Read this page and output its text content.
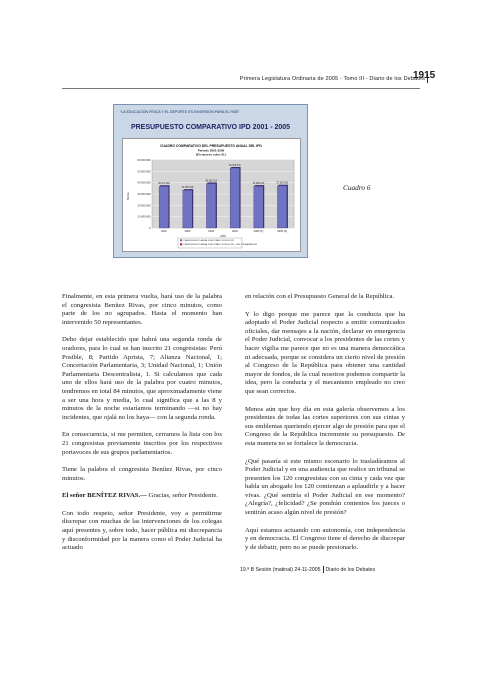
Primera Legislatura Ordinaria de 2005 - Tomo III - Diario de los Debates
1915
"LA EDUCACIÓN FÍSICA Y EL DEPORTE ES INVERSIÓN PARA EL PAÍS"
PRESUPUESTO COMPARATIVO IPD 2001 - 2005
CUADRO COMPARATIVO DEL PRESUPUESTO ANUAL DEL IPD
Periodo 2001-2005
(En nuevos soles S/.)
0
10 000 000
20 000 000
30 000 000
40 000 000
50 000 000
60 000 000
Monto
36 871 296
2001
33 387 918
2002
39 258 213
2003
52 946 379
2004
36 983 615
2005 (1)
37 303 633
2005 (2)
AÑO
PRESUPUESTO ANUAL EJECUTADO POR EL IPD
PRESUPUESTO ANUAL EJECUTADO POR EL IPD - SIN COPA AMERICA
Cuadro 6

Finalmente, en esta primera vuelta, hará uso de la palabra el congresista Benítez Rivas, por cinco minutos, como parte de los no agrupados. Hasta el momento han intervenido 50 representantes.

Debo dejar establecido que habrá una segunda ronda de oradores, para lo cual se han inscrito 21 congresistas: Perú Posible, 8; Partido Aprista, 7; Alianza Nacional, 1; Concertación Parlamentaria, 3; Unidad Nacional, 1; Unión Parlamentaria Descentralista, 1. Si calculamos que cada uno de ellos hará uso de la palabra por cuatro minutos, tendremos en total 84 minutos, que aproximadamente viene a ser una hora y media, lo cual significa que a las 8 y minutos de la noche estaríamos terminando —si no hay incidentes, que ojalá no los haya— con la segunda ronda.

En consecuencia, si me permiten, cerramos la lista con los 21 congresistas previamente inscritos por los respectivos portavoces de sus grupos parlamentarios.

Tiene la palabra el congresista Benítez Rivas, por cinco minutos.

El señor BENÍTEZ RIVAS.— Gracias, señor Presidente.

Con todo respeto, señor Presidente, voy a permitirme discrepar con muchas de las intervenciones de los colegas aquí presentes y, sobre todo, hacer pública mi discrepancia y disconformidad por la manera como el Poder Judicial ha actuado

en relación con el Presupuesto General de la República.

Y lo digo porque me parece que la conducta que ha adoptado el Poder Judicial respecto a emitir comunicados oficiales, dar mensajes a la nación, declarar en emergencia el Poder Judicial, convocar a los presidentes de las cortes y hacer vigilia me parece que no es una manera democrática ni adecuada, porque se considera un cierto nivel de presión al Congreso de la República para obtener una cantidad mayor de fondos, de la cual nosotros podemos compartir la idea, pero la conducta y el mecanismo empleado no creo que sean correctos.

Menos aún que hoy día en esta galería observemos a los presidentes de todas las cortes superiores con sus cintas y sus emblemas queriendo ejercer algo de presión para que el Congreso de la República incremente su presupuesto. De esta manera no se fortalece la democracia.

¿Qué pasaría si este mismo escenario lo trasladáramos al Poder Judicial y en una audiencia que realice un tribunal se presenten los 120 congresistas con su cinta y cada vez que habla un abogado los 120 comienzan a aplaudirle y a hacer vivas. ¿Qué sentiría el Poder Judicial en ese momento? ¿Alegría?, ¿felicidad? ¿Se pondrán contentos los jueces o sentirán acaso algún nivel de presión?

Aquí estamos actuando con autonomía, con independencia y en democracia. El Congreso tiene el derecho de discrepar y de debatir, pero no se puede presionarlo.

19.ª B Sesión (matinal) 24-11-2005 Diario de los Debates
